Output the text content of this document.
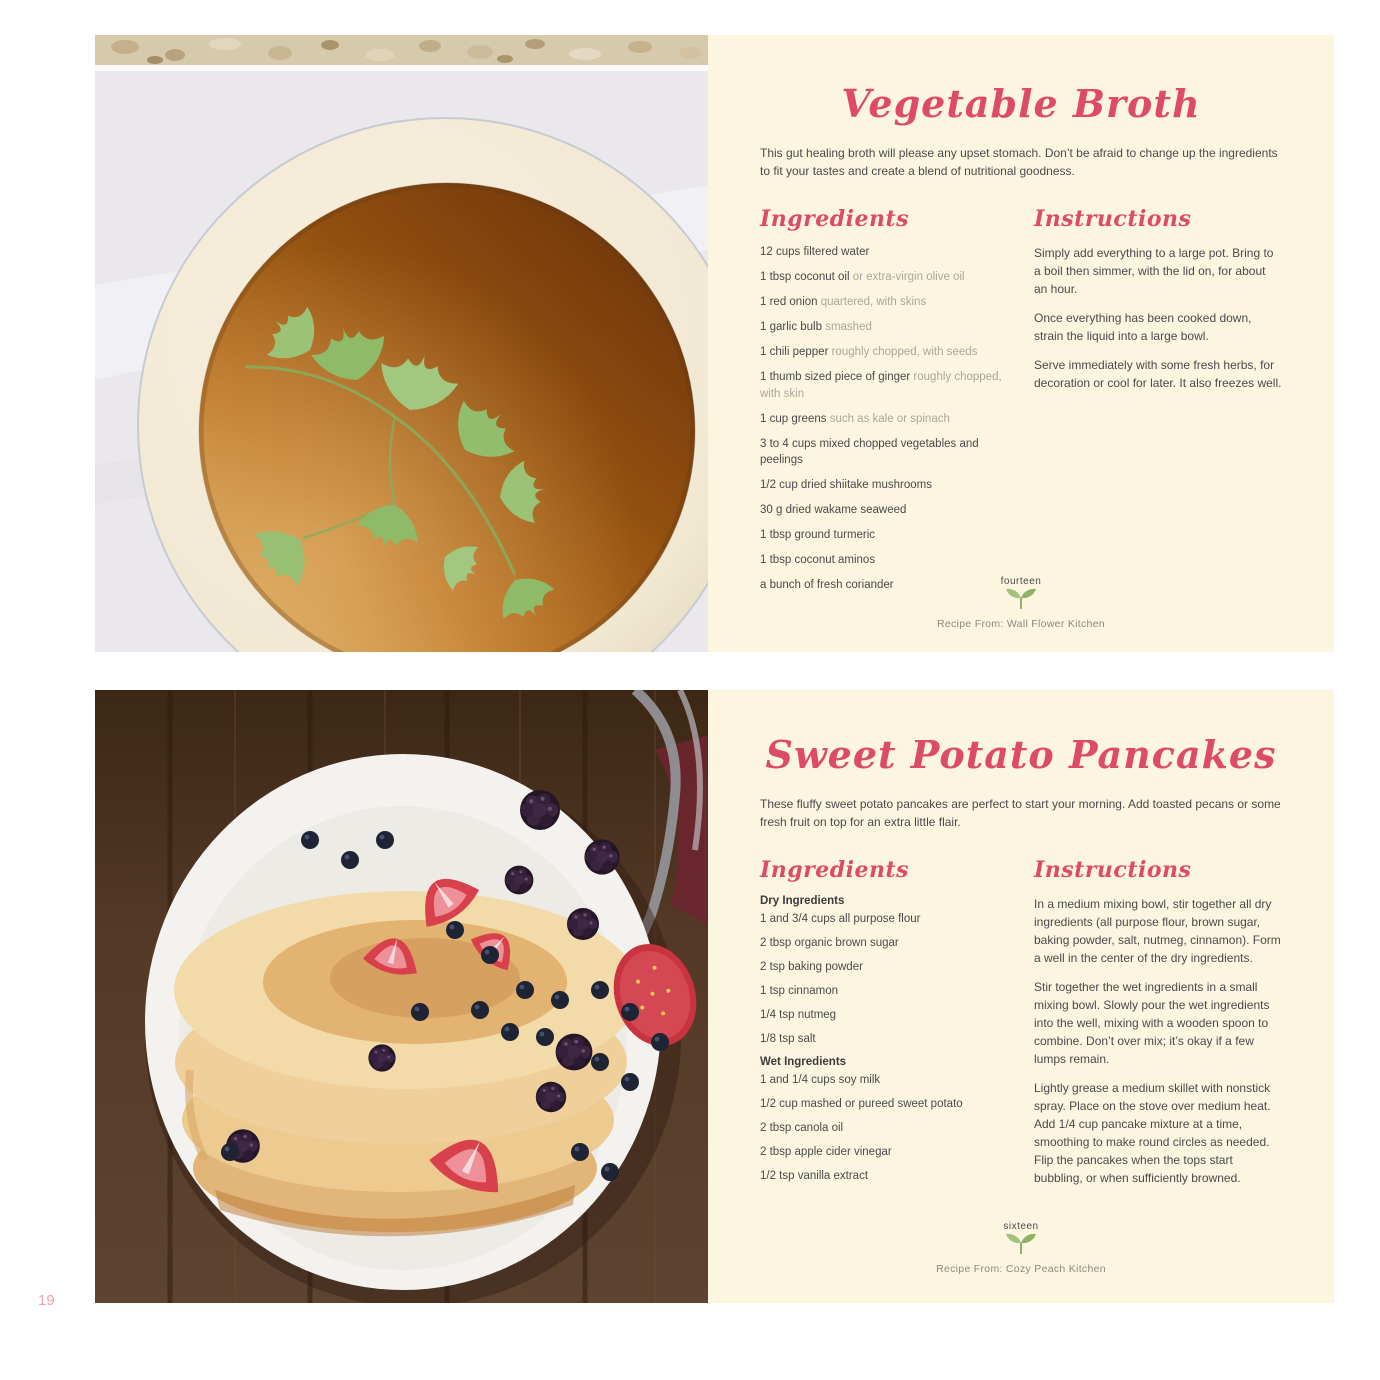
Vegetable Broth

This gut healing broth will please any upset stomach. Don’t be afraid to change up the ingredients to fit your tastes and create a blend of nutritional goodness.

Ingredients
12 cups filtered water
1 tbsp coconut oil or extra-virgin olive oil
1 red onion quartered, with skins
1 garlic bulb smashed
1 chili pepper roughly chopped, with seeds
1 thumb sized piece of ginger roughly chopped, with skin
1 cup greens such as kale or spinach
3 to 4 cups mixed chopped vegetables and peelings
1/2 cup dried shiitake mushrooms
30 g dried wakame seaweed
1 tbsp ground turmeric
1 tbsp coconut aminos
a bunch of fresh coriander
Instructions

Simply add everything to a large pot. Bring to a boil then simmer, with the lid on, for about an hour.

Once everything has been cooked down, strain the liquid into a large bowl.

Serve immediately with some fresh herbs, for decoration or cool for later. It also freezes well.

fourteen
Recipe From: Wall Flower Kitchen
Sweet Potato Pancakes

These fluffy sweet potato pancakes are perfect to start your morning. Add toasted pecans or some fresh fruit on top for an extra little flair.

Ingredients
Dry Ingredients
1 and 3/4 cups all purpose flour
2 tbsp organic brown sugar
2 tsp baking powder
1 tsp cinnamon
1/4 tsp nutmeg
1/8 tsp salt
Wet Ingredients
1 and 1/4 cups soy milk
1/2 cup mashed or pureed sweet potato
2 tbsp canola oil
2 tbsp apple cider vinegar
1/2 tsp vanilla extract
Instructions

In a medium mixing bowl, stir together all dry ingredients (all purpose flour, brown sugar, baking powder, salt, nutmeg, cinnamon). Form a well in the center of the dry ingredients.

Stir together the wet ingredients in a small mixing bowl. Slowly pour the wet ingredients into the well, mixing with a wooden spoon to combine. Don’t over mix; it’s okay if a few lumps remain.

Lightly grease a medium skillet with nonstick spray. Place on the stove over medium heat. Add 1/4 cup pancake mixture at a time, smoothing to make round circles as needed. Flip the pancakes when the tops start bubbling, or when sufficiently browned.

sixteen
Recipe From: Cozy Peach Kitchen
19
